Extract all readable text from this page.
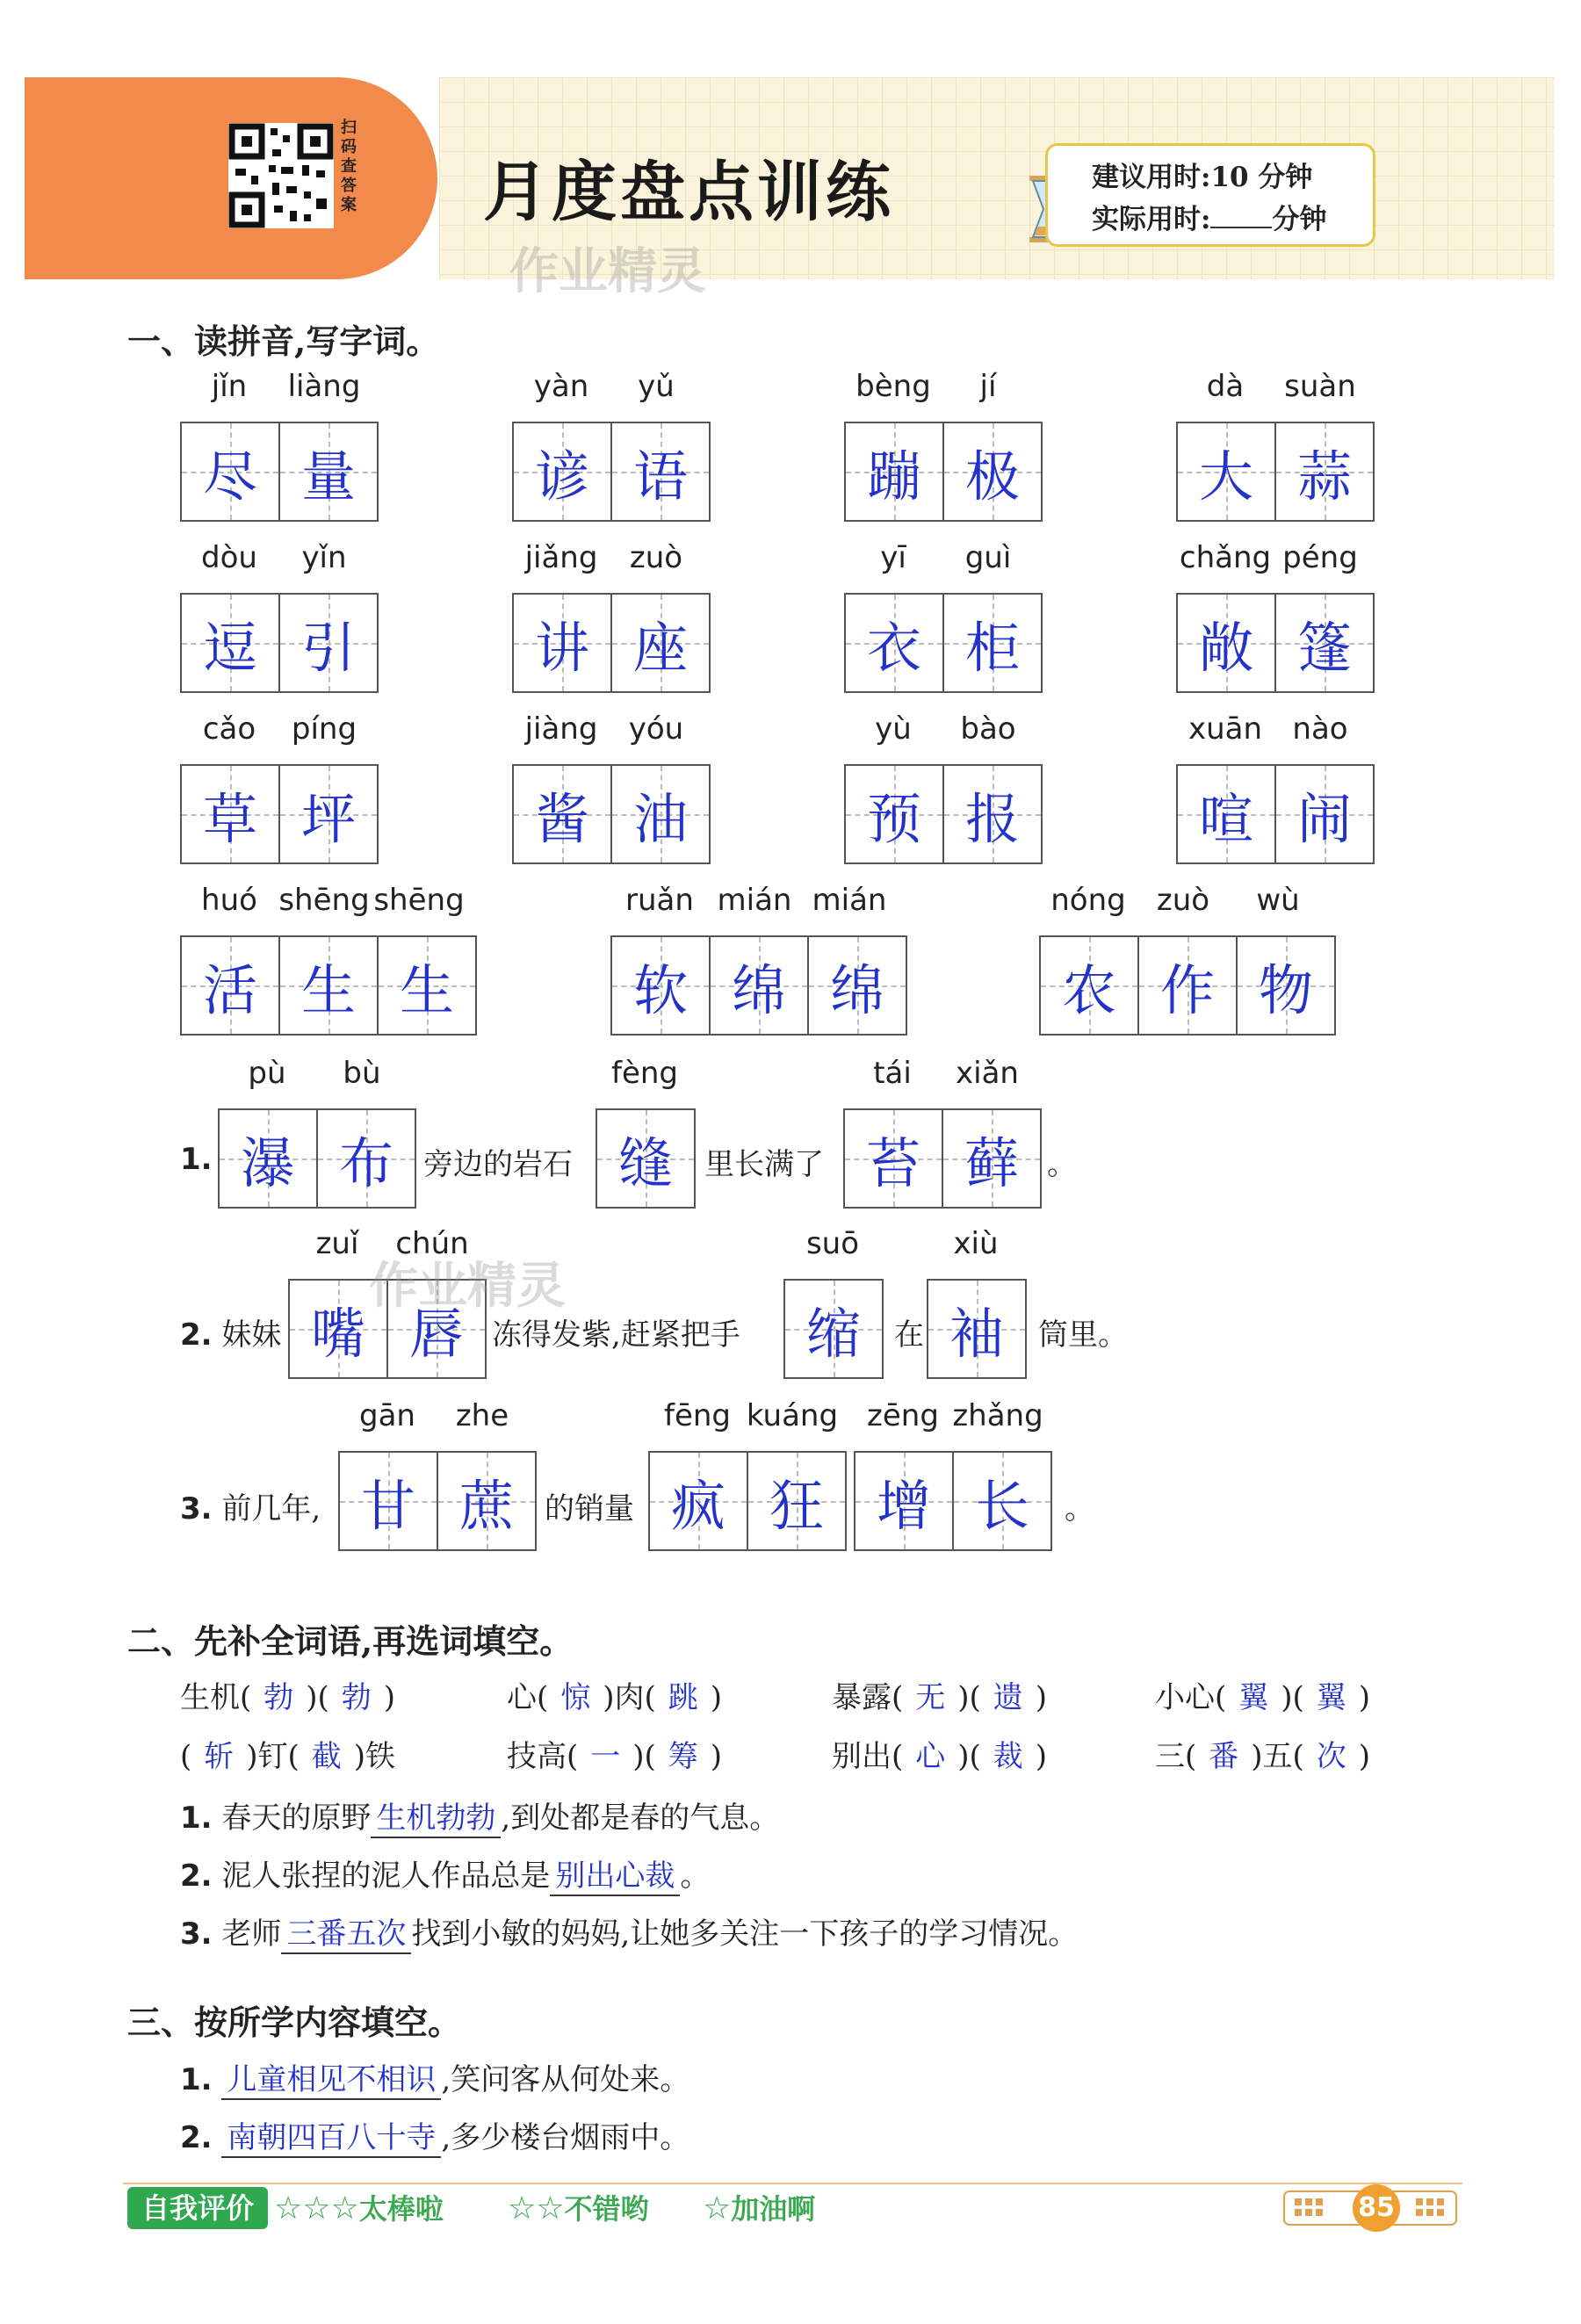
扫码查答案 月度盘点训练
作业精灵
建议用时:10 分钟
实际用时: 分钟
一、读拼音,写字词。
jǐn	liàng
尽 量
yàn	yǔ
谚 语
bèng	jí
蹦 极
dà	suàn
大 蒜
dòu	yǐn
逗 引
jiǎng	zuò
讲 座
yī	guì
衣 柜
chǎng péng
敞 篷
cǎo	píng
草 坪
jiàng	yóu
酱 油
yù	bào
预 报
xuān	nào
喧 闹
huó shēng shēng
活 生 生
ruǎn mián mián
软 绵 绵
nóng	zuò	wù
农 作 物
1.
pù	bù
瀑 布 旁边的岩石
fèng
缝 里长满了
tái	xiǎn
苔 藓 。
2. 妹妹
zuǐ	chún
嘴 唇 冻得发紫,赶紧把手
suō
缩 在
xiù
袖 筒里。
作业精灵
3. 前几年,
gān	zhe
甘 蔗 的销量
fēng kuáng
疯 狂
zēng zhǎng
增 长 。
二、先补全词语,再选词填空。
生机( 勃 )( 勃 )	心( 惊 )肉( 跳 )	暴露( 无 )( 遗 )	小心( 翼 )( 翼 )
( 斩 )钉( 截 )铁	技高( 一 )( 筹 )	别出( 心 )( 裁 )	三( 番 )五( 次 )
1. 春天的原野 生机勃勃 ,到处都是春的气息。
2. 泥人张捏的泥人作品总是 别出心裁 。
3. 老师 三番五次 找到小敏的妈妈,让她多关注一下孩子的学习情况。
三、按所学内容填空。
1. 儿童相见不相识 ,笑问客从何处来。
2. 南朝四百八十寺 ,多少楼台烟雨中。
自我评价 ☆☆☆太棒啦 ☆☆不错哟 ☆加油啊	85
